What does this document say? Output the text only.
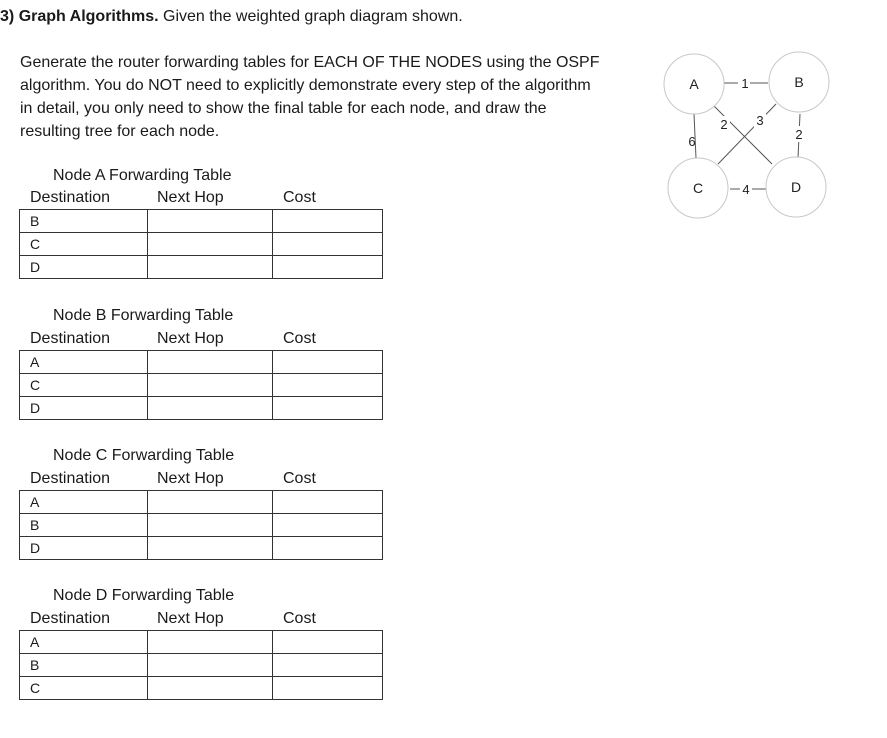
3) Graph Algorithms. Given the weighted graph diagram shown.
Generate the router forwarding tables for EACH OF THE NODES using the OSPF
algorithm. You do NOT need to explicitly demonstrate every step of the algorithm
in detail, you only need to show the final table for each node, and draw the
resulting tree for each node.
Node A Forwarding Table
Destination	Next Hop	Cost
B		
C		
D		
Node B Forwarding Table
Destination	Next Hop	Cost
A		
C		
D		
Node C Forwarding Table
Destination	Next Hop	Cost
A		
B		
D		
Node D Forwarding Table
Destination	Next Hop	Cost
A		
B		
C		
1
6
2 3
2
4
A	B
C	D
